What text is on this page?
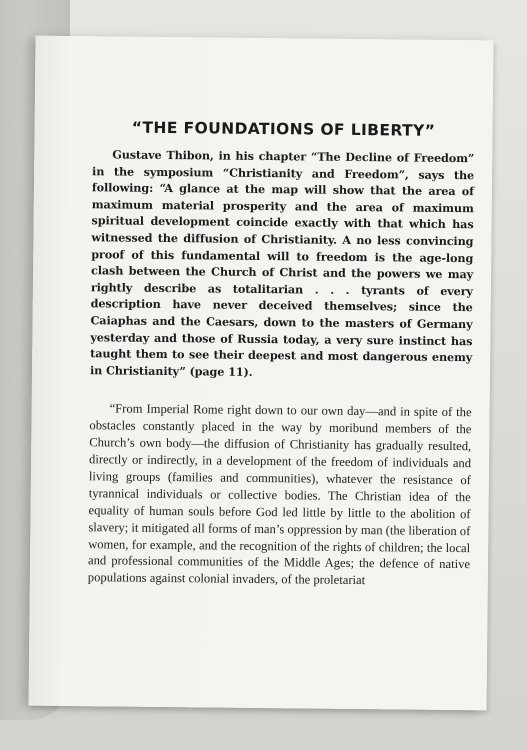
“THE FOUNDATIONS OF LIBERTY”

Gustave Thibon, in his chapter “The Decline of Freedom” in the symposium “Christianity and Freedom”, says the following: “A glance at the map will show that the area of maximum material prosperity and the area of maximum spiritual development coincide exactly with that which has witnessed the diffusion of Christianity. A no less convincing proof of this fundamental will to freedom is the age-long clash between the Church of Christ and the powers we may rightly describe as totalitarian . . . tyrants of every description have never deceived themselves; since the Caiaphas and the Caesars, down to the masters of Germany yesterday and those of Russia today, a very sure instinct has taught them to see their deepest and most dangerous enemy in Christianity” (page 11).

“From Imperial Rome right down to our own day—and in spite of the obstacles constantly placed in the way by moribund members of the Church’s own body—the diffusion of Christianity has gradually resulted, directly or indirectly, in a development of the freedom of individuals and living groups (families and communities), whatever the resistance of tyrannical individuals or collective bodies. The Christian idea of the equality of human souls before God led little by little to the abolition of slavery; it mitigated all forms of man’s oppression by man (the liberation of women, for example, and the recognition of the rights of children; the local and professional communities of the Middle Ages; the defence of native populations against colonial invaders, of the proletariat
